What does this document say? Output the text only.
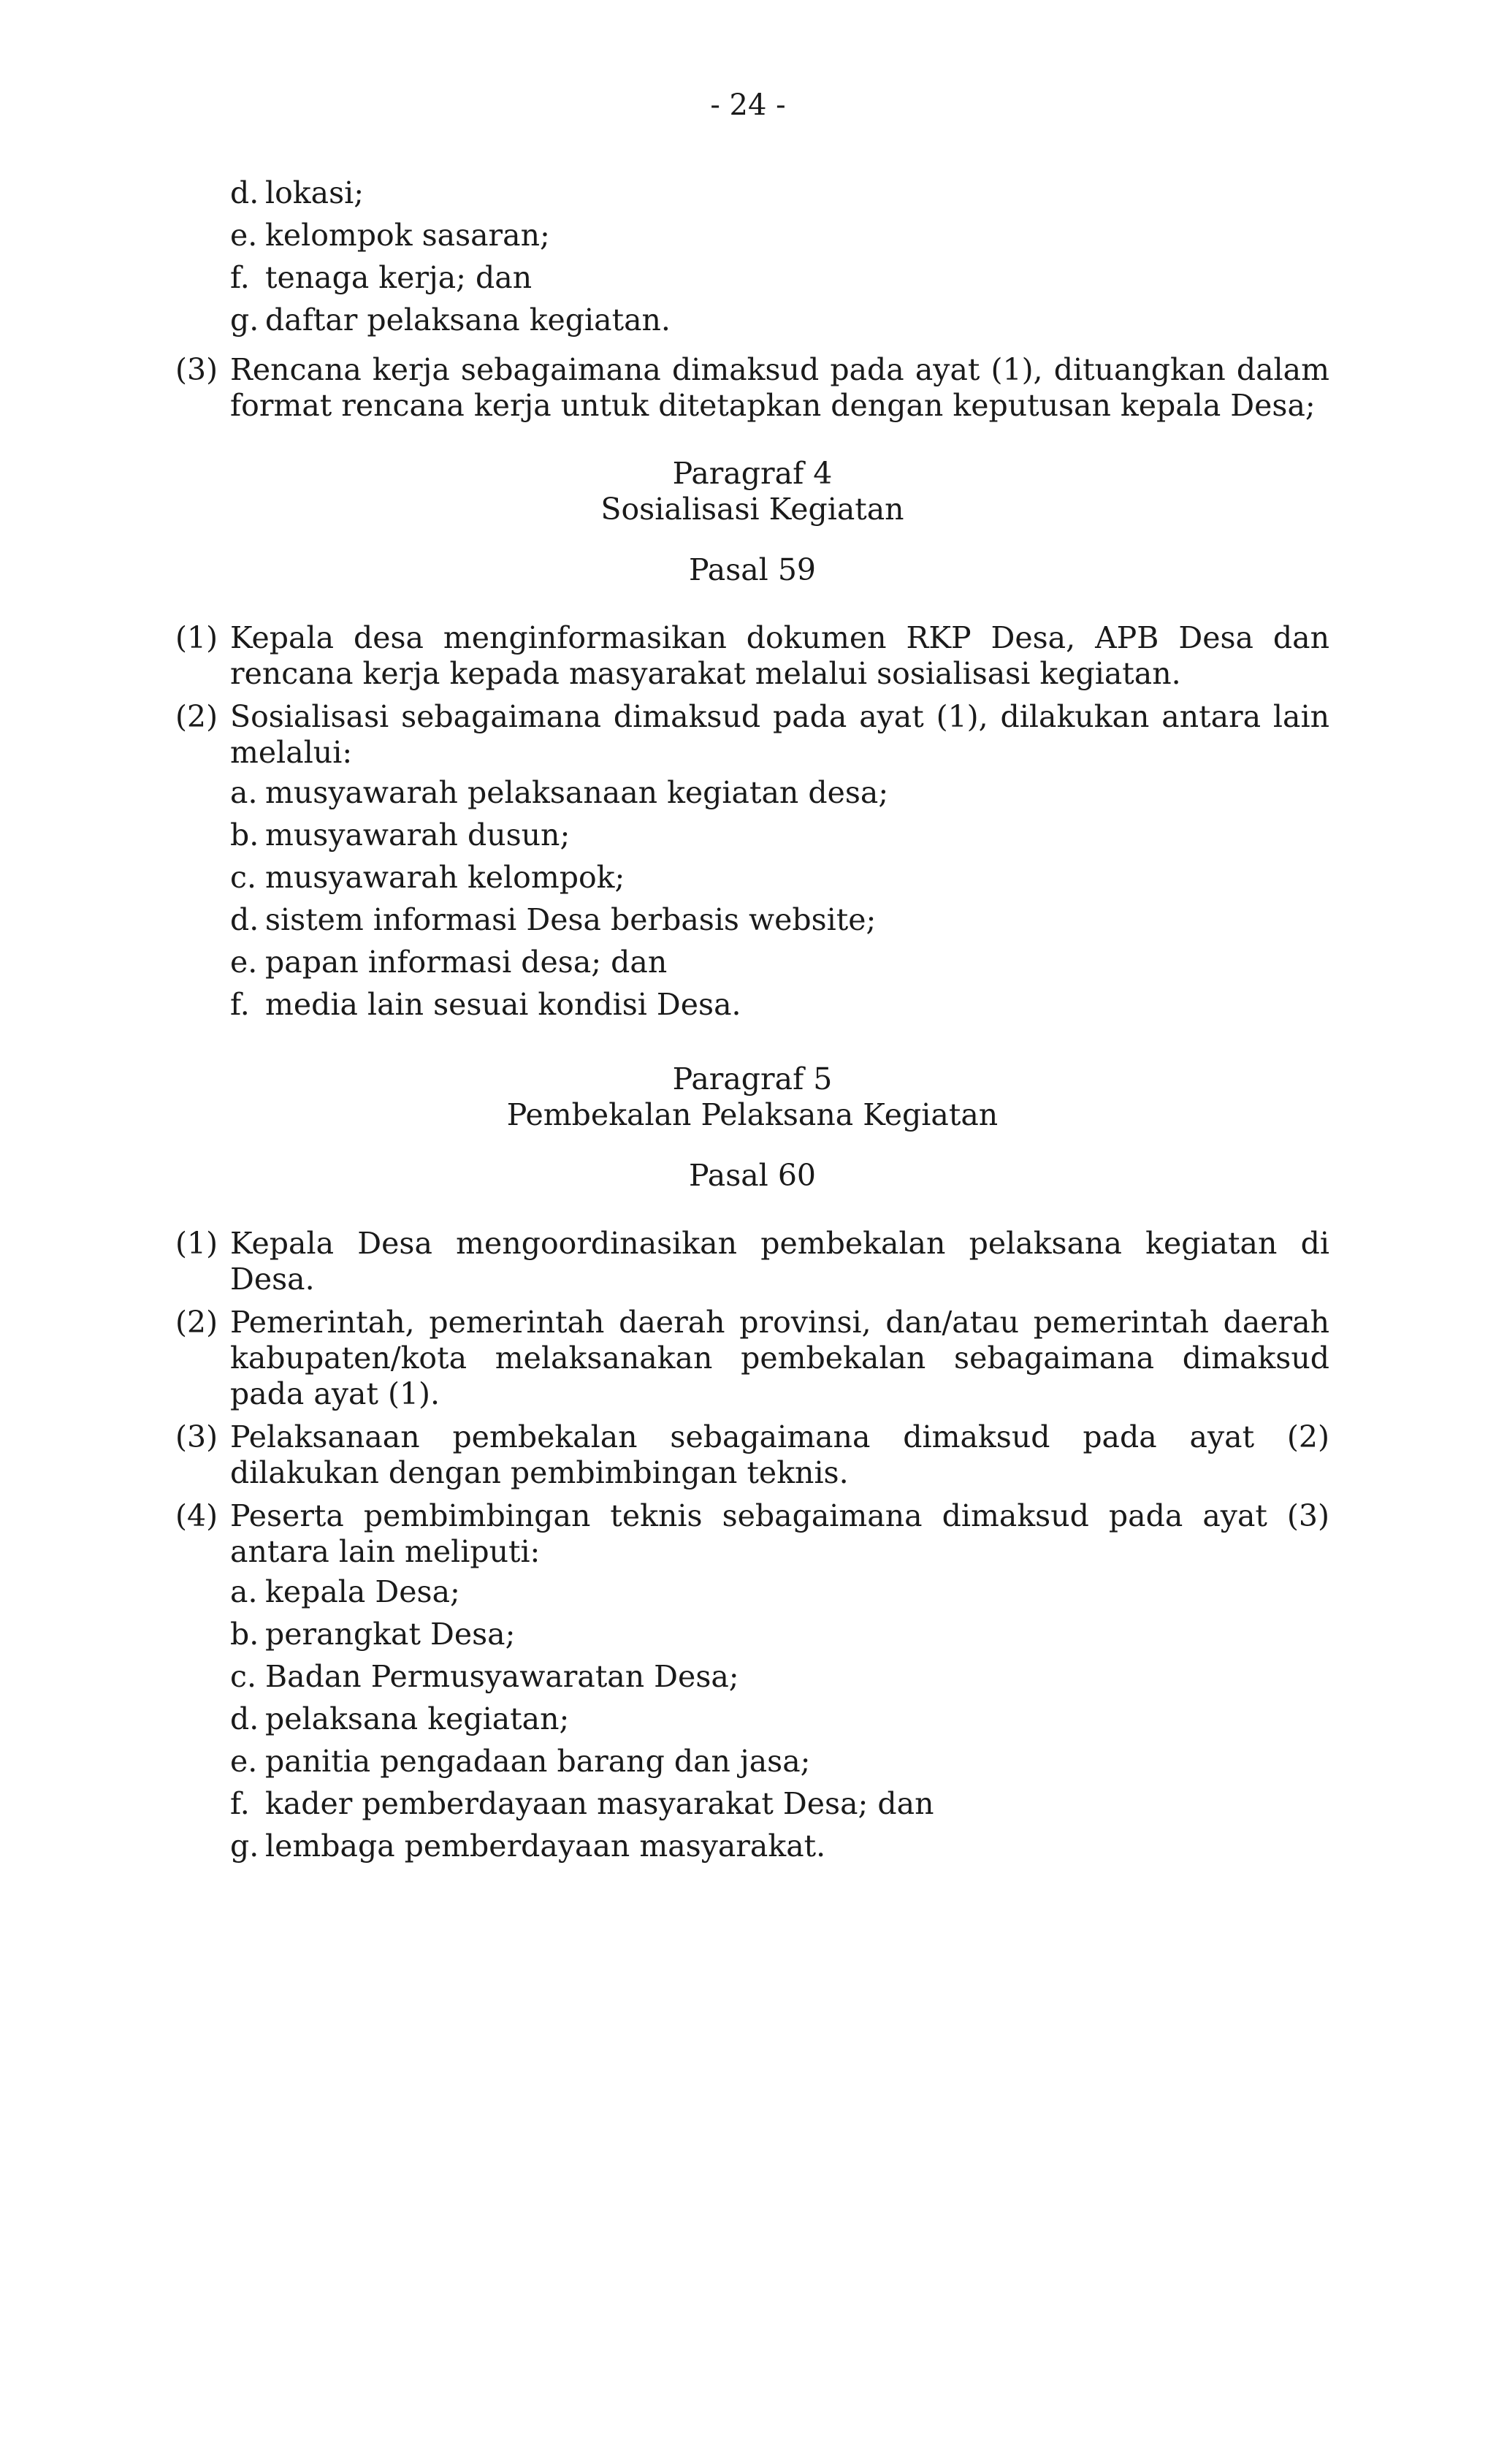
- 24 -
d. lokasi;
e. kelompok sasaran;
f. tenaga kerja; dan
g. daftar pelaksana kegiatan.
(3) Rencana kerja sebagaimana dimaksud pada ayat (1), dituangkan dalam format rencana kerja untuk ditetapkan dengan keputusan kepala Desa;
Paragraf 4
Sosialisasi Kegiatan
Pasal 59
(1) Kepala desa menginformasikan dokumen RKP Desa, APB Desa dan rencana kerja kepada masyarakat melalui sosialisasi kegiatan.
(2) Sosialisasi sebagaimana dimaksud pada ayat (1), dilakukan antara lain melalui:
a. musyawarah pelaksanaan kegiatan desa;
b. musyawarah dusun;
c. musyawarah kelompok;
d. sistem informasi Desa berbasis website;
e. papan informasi desa; dan
f. media lain sesuai kondisi Desa.
Paragraf 5
Pembekalan Pelaksana Kegiatan
Pasal 60
(1) Kepala Desa mengoordinasikan pembekalan pelaksana kegiatan di Desa.
(2) Pemerintah, pemerintah daerah provinsi, dan/atau pemerintah daerah kabupaten/kota melaksanakan pembekalan sebagaimana dimaksud pada ayat (1).
(3) Pelaksanaan pembekalan sebagaimana dimaksud pada ayat (2) dilakukan dengan pembimbingan teknis.
(4) Peserta pembimbingan teknis sebagaimana dimaksud pada ayat (3) antara lain meliputi:
a. kepala Desa;
b. perangkat Desa;
c. Badan Permusyawaratan Desa;
d. pelaksana kegiatan;
e. panitia pengadaan barang dan jasa;
f. kader pemberdayaan masyarakat Desa; dan
g. lembaga pemberdayaan masyarakat.
